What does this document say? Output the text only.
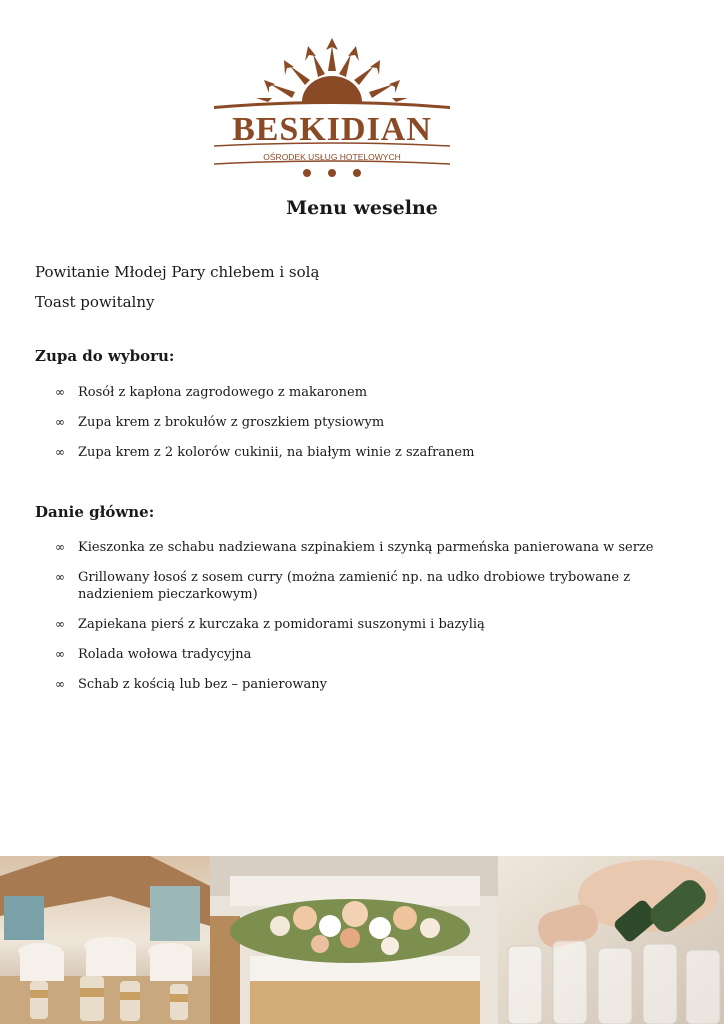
BESKIDIAN
OŚRODEK USŁUG HOTELOWYCH
Menu weselne
Powitanie Młodej Pary chlebem i solą
Toast powitalny
Zupa do wyboru:
∞ Rosół z kapłona zagrodowego z makaronem
∞ Zupa krem z brokułów z groszkiem ptysiowym
∞ Zupa krem z 2 kolorów cukinii, na białym winie z szafranem
Danie główne:
∞ Kieszonka ze schabu nadziewana szpinakiem i szynką parmeńska panierowana w serze
∞ Grillowany łosoś z sosem curry (można zamienić np. na udko drobiowe trybowane z nadzieniem pieczarkowym)
∞ Zapiekana pierś z kurczaka z pomidorami suszonymi i bazylią
∞ Rolada wołowa tradycyjna
∞ Schab z kością lub bez – panierowany
